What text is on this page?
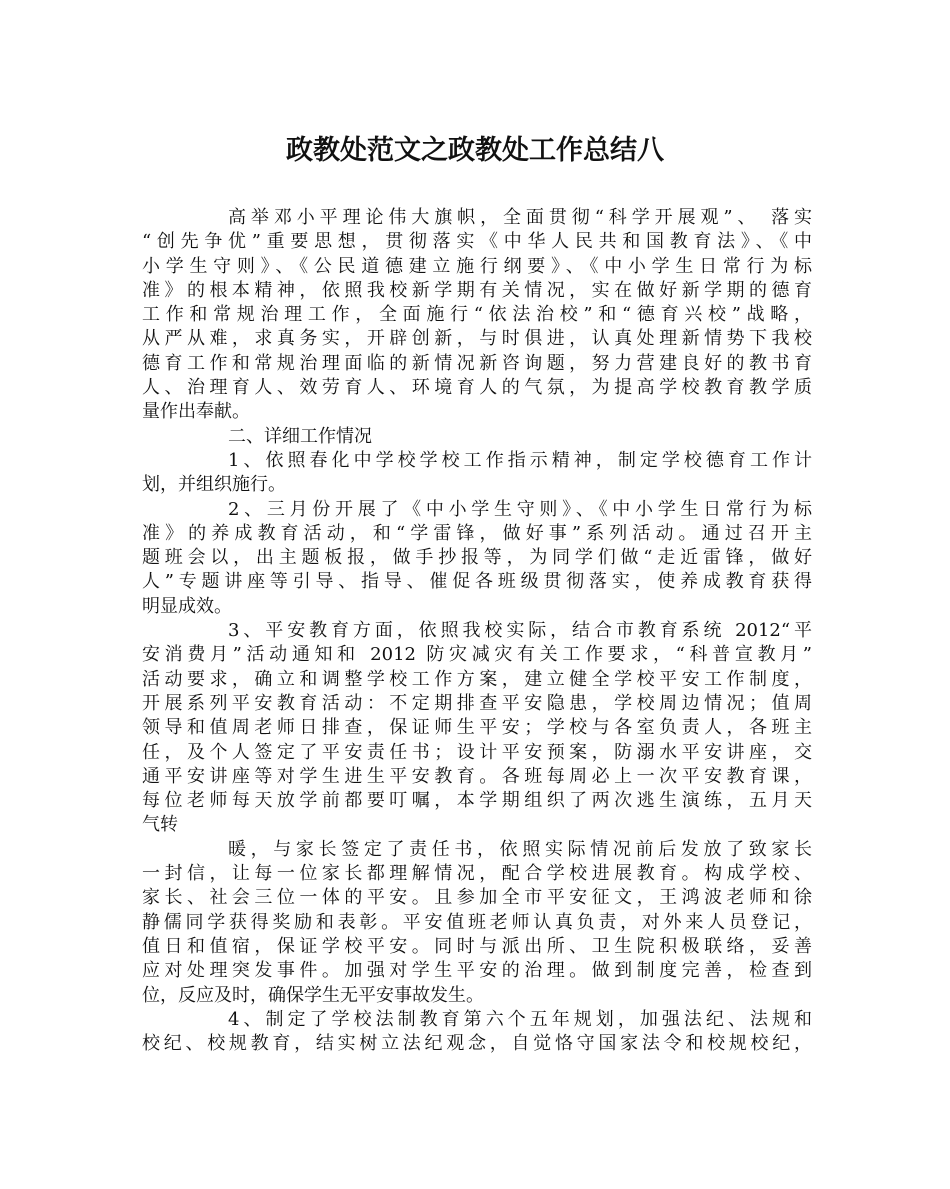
政教处范文之政教处工作总结八
高举邓小平理论伟大旗帜，全面贯彻“科学开展观”、 落实
“创先争优”重要思想，贯彻落实《中华人民共和国教育法》、《中
小学生守则》、《公民道德建立施行纲要》、《中小学生日常行为标
准》的根本精神，依照我校新学期有关情况，实在做好新学期的德育
工作和常规治理工作，全面施行“依法治校”和“德育兴校”战略，
从严从难，求真务实，开辟创新，与时俱进，认真处理新情势下我校
德育工作和常规治理面临的新情况新咨询题，努力营建良好的教书育
人、治理育人、效劳育人、环境育人的气氛，为提高学校教育教学质
量作出奉献。
二、详细工作情况
1、依照春化中学校学校工作指示精神，制定学校德育工作计
划，并组织施行。
2、三月份开展了《中小学生守则》、《中小学生日常行为标
准》的养成教育活动，和“学雷锋，做好事”系列活动。通过召开主
题班会以，出主题板报，做手抄报等，为同学们做“走近雷锋，做好
人”专题讲座等引导、指导、催促各班级贯彻落实，使养成教育获得
明显成效。
3、平安教育方面，依照我校实际，结合市教育系统 2012“平
安消费月”活动通知和 2012 防灾减灾有关工作要求，“科普宣教月”
活动要求，确立和调整学校工作方案，建立健全学校平安工作制度，
开展系列平安教育活动：不定期排查平安隐患，学校周边情况；值周
领导和值周老师日排查，保证师生平安；学校与各室负责人，各班主
任，及个人签定了平安责任书；设计平安预案，防溺水平安讲座，交
通平安讲座等对学生进生平安教育。各班每周必上一次平安教育课，
每位老师每天放学前都要叮嘱，本学期组织了两次逃生演练，五月天
气转
暖，与家长签定了责任书，依照实际情况前后发放了致家长
一封信，让每一位家长都理解情况，配合学校进展教育。构成学校、
家长、社会三位一体的平安。且参加全市平安征文，王鸿波老师和徐
静儒同学获得奖励和表彰。平安值班老师认真负责，对外来人员登记，
值日和值宿，保证学校平安。同时与派出所、卫生院积极联络，妥善
应对处理突发事件。加强对学生平安的治理。做到制度完善，检查到
位，反应及时，确保学生无平安事故发生。
4、制定了学校法制教育第六个五年规划，加强法纪、法规和
校纪、校规教育，结实树立法纪观念，自觉恪守国家法令和校规校纪，
